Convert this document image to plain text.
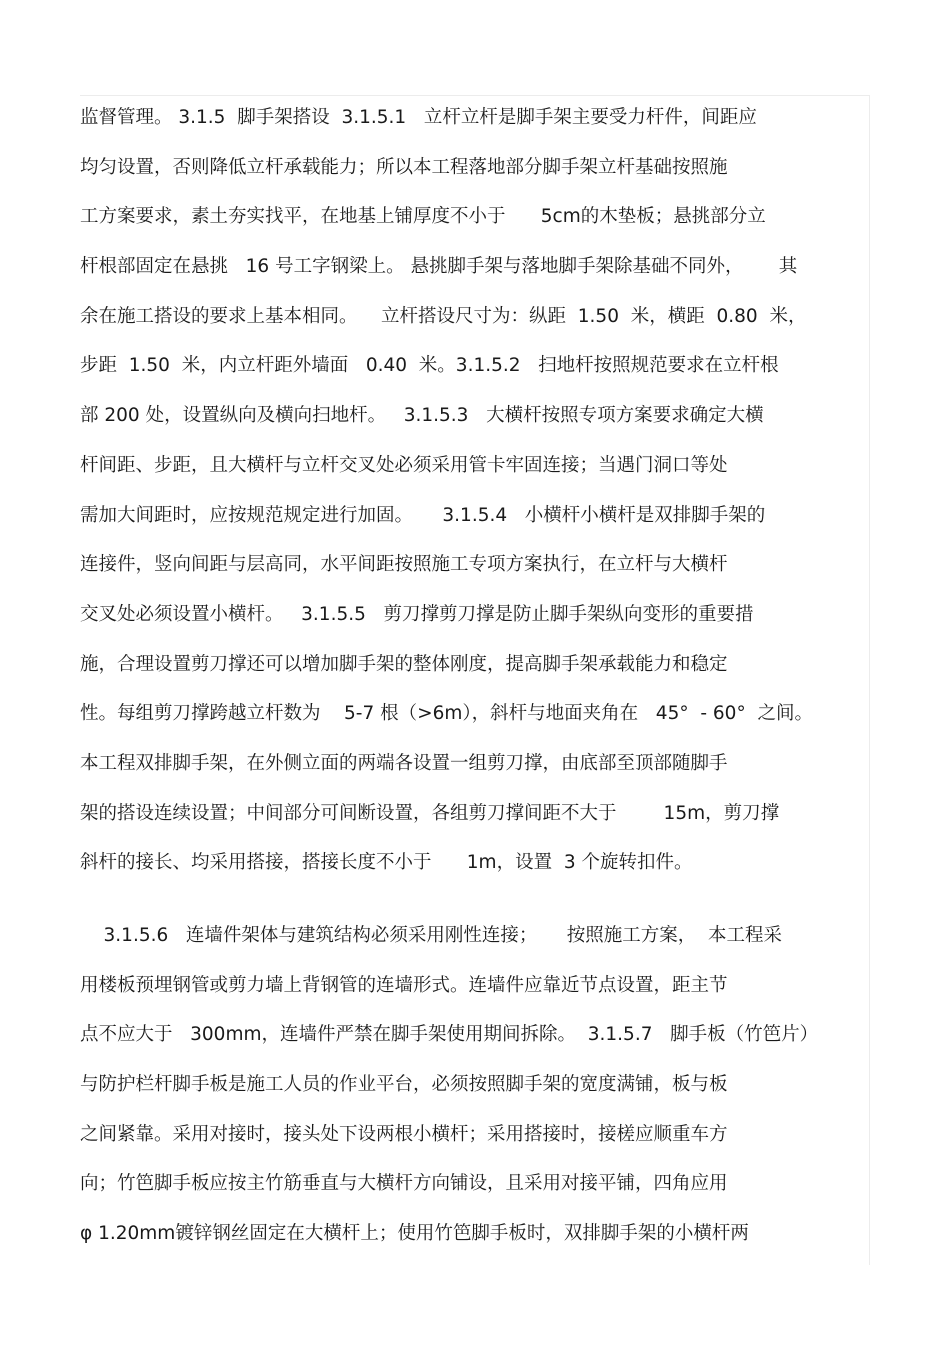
监督管理。 3.1.5  脚手架搭设  3.1.5.1   立杆立杆是脚手架主要受力杆件，间距应
均匀设置，否则降低立杆承载能力；所以本工程落地部分脚手架立杆基础按照施
工方案要求，素土夯实找平，在地基上铺厚度不小于      5cm的木垫板；悬挑部分立
杆根部固定在悬挑   16 号工字钢梁上。 悬挑脚手架与落地脚手架除基础不同外，      其
余在施工搭设的要求上基本相同。    立杆搭设尺寸为：纵距  1.50  米，横距  0.80  米，
步距  1.50  米，内立杆距外墙面   0.40  米。3.1.5.2   扫地杆按照规范要求在立杆根
部 200 处，设置纵向及横向扫地杆。   3.1.5.3   大横杆按照专项方案要求确定大横
杆间距、步距，且大横杆与立杆交叉处必须采用管卡牢固连接；当遇门洞口等处
需加大间距时，应按规范规定进行加固。     3.1.5.4   小横杆小横杆是双排脚手架的
连接件，竖向间距与层高同，水平间距按照施工专项方案执行，在立杆与大横杆
交叉处必须设置小横杆。   3.1.5.5   剪刀撑剪刀撑是防止脚手架纵向变形的重要措
施，合理设置剪刀撑还可以增加脚手架的整体刚度，提高脚手架承载能力和稳定
性。每组剪刀撑跨越立杆数为    5-7 根（>6m），斜杆与地面夹角在   45°  - 60°  之间。
本工程双排脚手架，在外侧立面的两端各设置一组剪刀撑，由底部至顶部随脚手
架的搭设连续设置；中间部分可间断设置，各组剪刀撑间距不大于        15m，剪刀撑
斜杆的接长、均采用搭接，搭接长度不小于      1m，设置  3 个旋转扣件。
3.1.5.6   连墙件架体与建筑结构必须采用刚性连接；     按照施工方案，  本工程采
用楼板预埋钢管或剪力墙上背钢管的连墙形式。连墙件应靠近节点设置，距主节
点不应大于   300mm，连墙件严禁在脚手架使用期间拆除。  3.1.5.7   脚手板（竹笆片）
与防护栏杆脚手板是施工人员的作业平台，必须按照脚手架的宽度满铺，板与板
之间紧靠。采用对接时，接头处下设两根小横杆；采用搭接时，接槎应顺重车方
向；竹笆脚手板应按主竹筋垂直与大横杆方向铺设，且采用对接平铺，四角应用
φ 1.20mm镀锌钢丝固定在大横杆上；使用竹笆脚手板时，双排脚手架的小横杆两
